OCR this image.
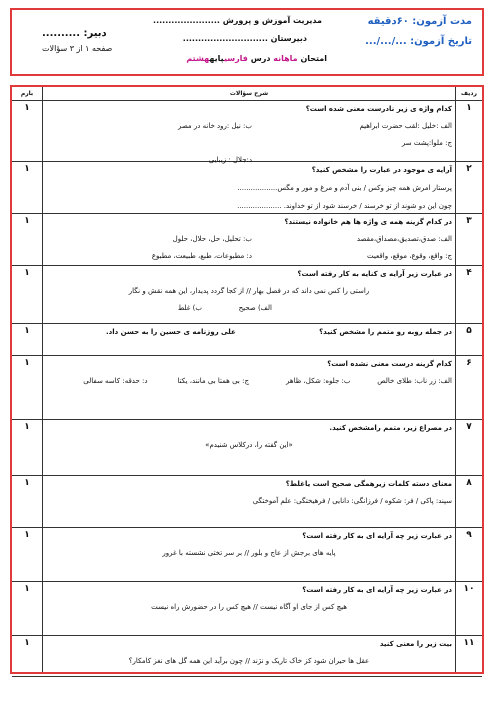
مدت آزمون: ۶۰دقیقه
تاریخ آزمون: .../.../...
مدیریت آموزش و پرورش ......................
دبیرستان ............................
امتحان ماهانه درس فارسیپایههشتم
دبیر: ..........
صفحه ۱ از ۳ سؤالات
ردیف
شرح سؤالات
بارم
۱
۱	کدام واژه ی زیر نادرست معنی شده است؟
الف :خلیل :لقب حضرت ابراهیم
ب: نیل :رود خانه در مصر
ج: ملوا:پشت سر
د:جلال : زیبایی
۲
۱	آرایه ی موجود در عبارت را مشخص کنید؟
پرستار امرش همه چیز وکس / بنی آدم و مرغ و مور و مگس..................
چون این دو شوند از تو خرسند / خرسند شود از تو خداوند. ....................
۳
۱	در کدام گزینه همه ی واژه ها هم خانواده نیستند؟
الف: صدق،تصدیق،مصداق،مقصد
ب: تحلیل، حل، حلال، حلول
ج: واقع، وقوع، موقع، واقعیت
د: مطبوعات، طبع، طبیعت، مطبوع
۴
۱	در عبارت زیر آرایه ی کنایه به کار رفته است؟
راستی را کس نمی داند که در فصل بهار // از کجا گردد پدیدار، این همه نقش و نگار
الف) صحیح
ب) غلط
۵
۱	در جمله روبه رو متمم را مشخص کنید؟
علی روزنامه ی حسین را به حسن داد.
۶
۱	کدام گزینه درست معنی نشده است؟
الف: زر ناب: طلای خالص
ب: جلوه: شکل، ظاهر
ج: بی همتا بی مانند، یکتا
د: حدقه: کاسه سفالی
۷
۱	در مصراع زیر، متمم رامشخص کنید.
«این گفته را، درکلاس شنیدم»
۸
۱	معنای دسته کلمات زیرهمگی صحیح است یاغلط؟
سپند: پاکی / فر: شکوه / فرزانگی: دانایی / فرهیختگی: علم آموختگی
۹
۱	در عبارت زیر چه آرایه ای به کار رفته است؟
پایه های برجش از عاج و بلور // بر سر تختی نشسته با غرور
۱۰
۱	در عبارت زیر چه آرایه ای به کار رفته است؟
هیچ کس از جای او آگاه نیست // هیچ کس را در حضورش راه نیست
۱۱
۱	بیت زیر را معنی کنید
عقل ها حیران شود کز خاک تاریک و نژند // چون برآید این همه گل های نغز کامکار؟
